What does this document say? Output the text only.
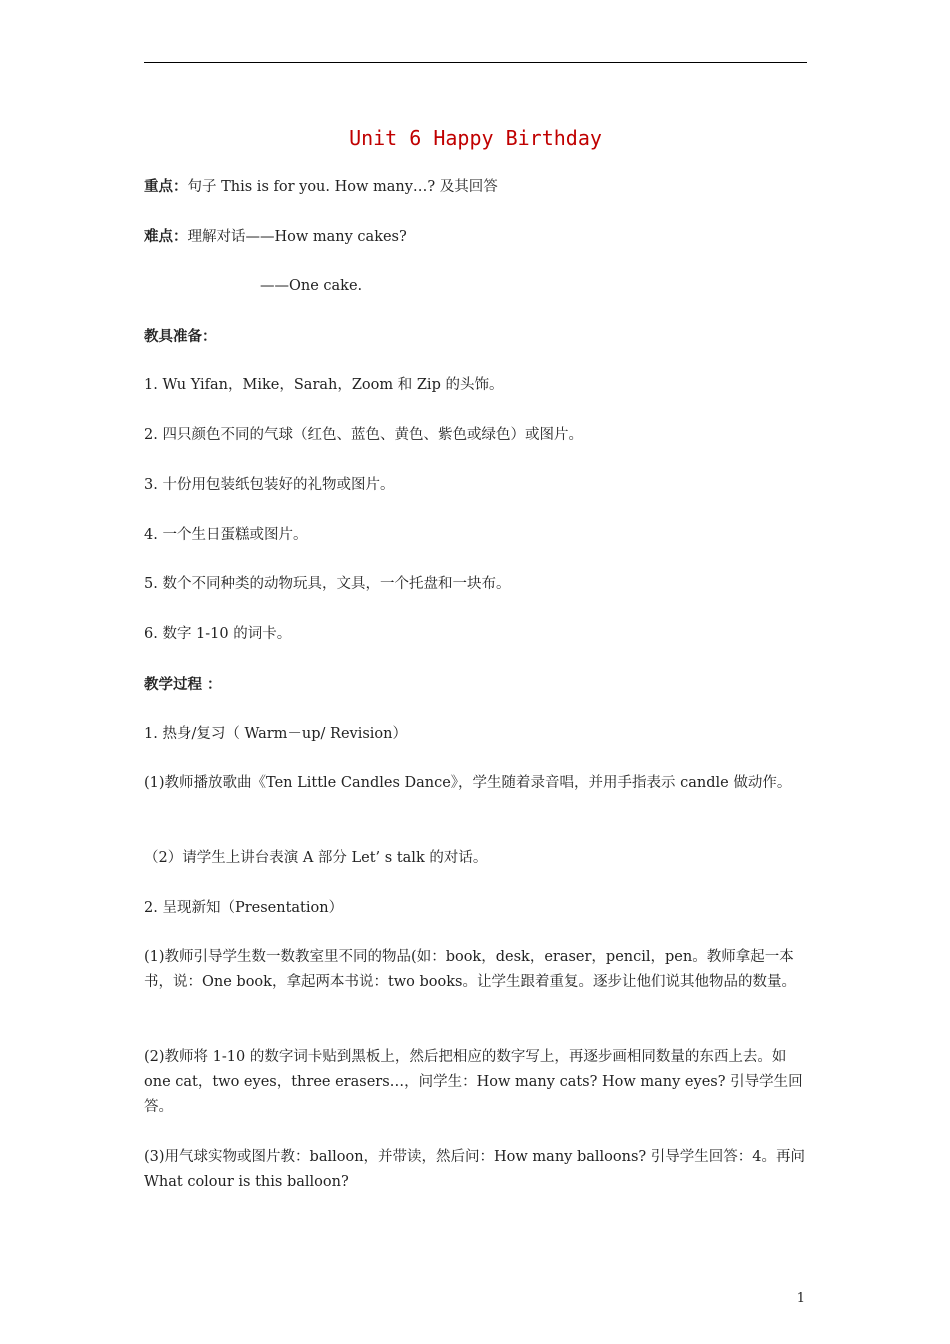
Unit 6 Happy Birthday

重点：句子 This is for you. How many…? 及其回答

难点：理解对话——How many cakes?

——One cake.

教具准备：

1. Wu Yifan，Mike，Sarah，Zoom 和 Zip 的头饰。

2. 四只颜色不同的气球（红色、蓝色、黄色、紫色或绿色）或图片。

3. 十份用包装纸包装好的礼物或图片。

4. 一个生日蛋糕或图片。

5. 数个不同种类的动物玩具，文具，一个托盘和一块布。

6. 数字 1-10 的词卡。

教学过程 ：

1. 热身/复习（ Warm－up/ Revision）

(1)教师播放歌曲《Ten Little Candles Dance》，学生随着录音唱，并用手指表示 candle 做动作。

（2）请学生上讲台表演 A 部分 Let’ s talk 的对话。

2. 呈现新知（Presentation）

(1)教师引导学生数一数教室里不同的物品(如：book，desk，eraser，pencil，pen。教师拿起一本书，说：One book，拿起两本书说：two books。让学生跟着重复。逐步让他们说其他物品的数量。

(2)教师将 1-10 的数字词卡贴到黑板上，然后把相应的数字写上，再逐步画相同数量的东西上去。如 one cat，two eyes，three erasers…，问学生：How many cats? How many eyes? 引导学生回答。

(3)用气球实物或图片教：balloon，并带读，然后问：How many balloons? 引导学生回答：4。再问 What colour is this balloon?

1
